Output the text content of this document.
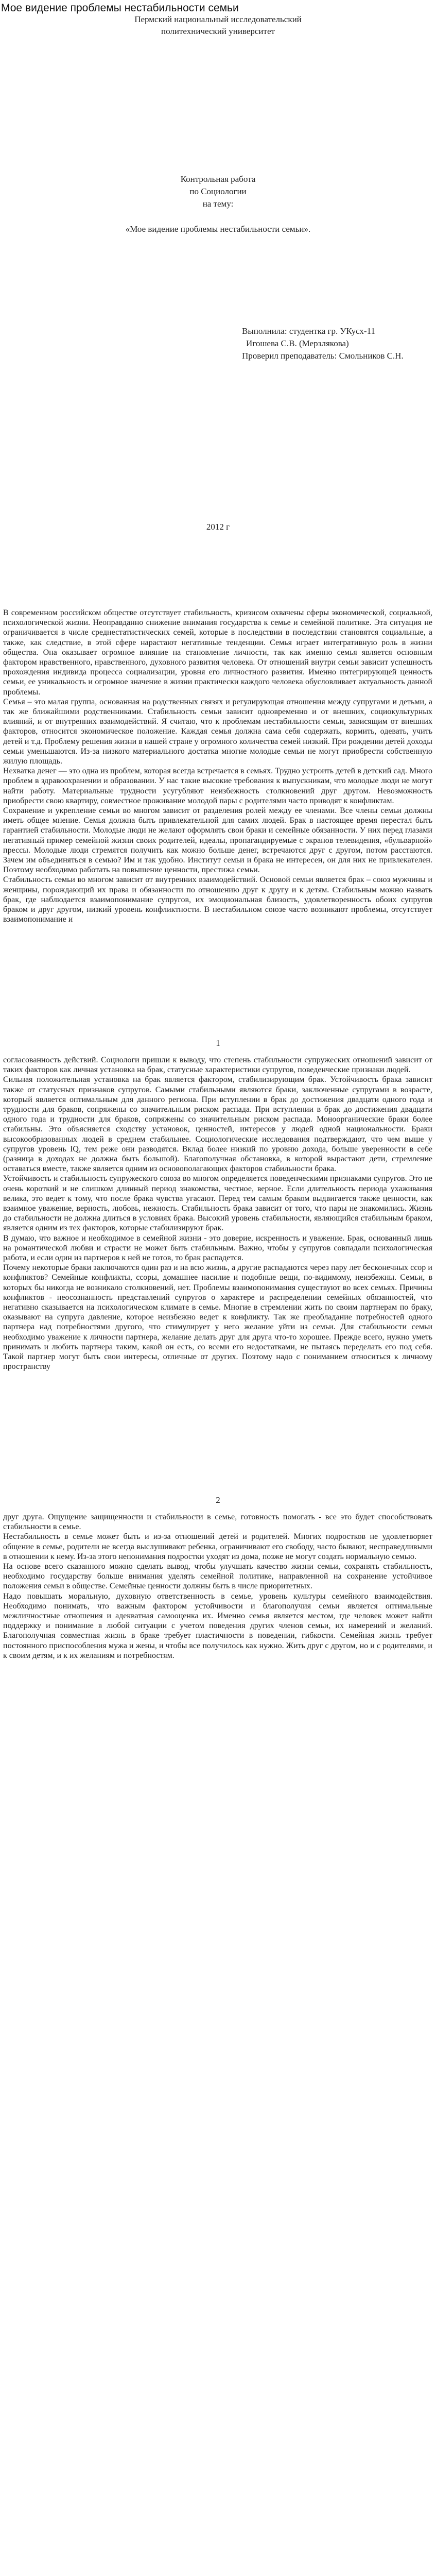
Мое видение проблемы нестабильности семьи
Пермский национальный исследовательский
политехнический университет
Контрольная работа
по Социологии
на тему:
«Мое видение проблемы нестабильности семьи».
Выполнила: студентка гр. УКусх-11
Игошева С.В. (Мерзлякова)
Проверил преподаватель: Смольников С.Н.
2012 г

В современном российском обществе отсутствует стабильность, кризисом охвачены сферы экономической, социальной, психологической жизни. Неоправданно снижение внимания государства к семье и семейной политике. Эта ситуация не ограничивается в числе среднестатистических семей, которые в последствии в последствии становятся социальные, а также, как следствие, в этой сфере нарастают негативные тенденции. Семья играет интегративную роль в жизни общества. Она оказывает огромное влияние на становление личности, так как именно семья является основным фактором нравственного, нравственного, духовного развития человека. От отношений внутри семьи зависит успешность прохождения индивида процесса социализации, уровня его личностного развития. Именно интегрирующей ценность семьи, ее уникальность и огромное значение в жизни практически каждого человека обусловливает актуальность данной проблемы.

Семья – это малая группа, основанная на родственных связях и регулирующая отношения между супругами и детьми, а так же ближайшими родственниками. Стабильность семьи зависит одновременно и от внешних, социокультурных влияний, и от внутренних взаимодействий. Я считаю, что к проблемам нестабильности семьи, зависящим от внешних факторов, относится экономическое положение. Каждая семья должна сама себя содержать, кормить, одевать, учить детей и т.д. Проблему решения жизни в нашей стране у огромного количества семей низкий. При рождении детей доходы семьи уменьшаются. Из-за низкого материального достатка многие молодые семьи не могут приобрести собственную жилую площадь.

Нехватка денег — это одна из проблем, которая всегда встречается в семьях. Трудно устроить детей в детский сад. Много проблем в здравоохранении и образовании. У нас такие высокие требования к выпускникам, что молодые люди не могут найти работу. Материальные трудности усугубляют неизбежность столкновений друг другом. Невозможность приобрести свою квартиру, совместное проживание молодой пары с родителями часто приводят к конфликтам.

Сохранение и укрепление семьи во многом зависит от разделения ролей между ее членами. Все члены семьи должны иметь общее мнение. Семья должна быть привлекательной для самих людей. Брак в настоящее время перестал быть гарантией стабильности. Молодые люди не желают оформлять свои браки и семейные обязанности. У них перед глазами негативный пример семейной жизни своих родителей, идеалы, пропагандируемые с экранов телевидения, «бульварной» прессы. Молодые люди стремятся получить как можно больше денег, встречаются друг с другом, потом расстаются. Зачем им объединяться в семью? Им и так удобно. Институт семьи и брака не интересен, он для них не привлекателен. Поэтому необходимо работать на повышение ценности, престижа семьи.

Стабильность семьи во многом зависит от внутренних взаимодействий. Основой семьи является брак – союз мужчины и женщины, порождающий их права и обязанности по отношению друг к другу и к детям. Стабильным можно назвать брак, где наблюдается взаимопонимание супругов, их эмоциональная близость, удовлетворенность обоих супругов браком и друг другом, низкий уровень конфликтности. В нестабильном союзе часто возникают проблемы, отсутствует взаимопонимание и

1

согласованность действий. Социологи пришли к выводу, что степень стабильности супружеских отношений зависит от таких факторов как личная установка на брак, статусные характеристики супругов, поведенческие признаки людей.

Сильная положительная установка на брак является фактором, стабилизирующим брак. Устойчивость брака зависит также от статусных признаков супругов. Самыми стабильными являются браки, заключенные супругами в возрасте, который является оптимальным для данного региона. При вступлении в брак до достижения двадцати одного года и трудности для браков, сопряжены со значительным риском распада. При вступлении в брак до достижения двадцати одного года и трудности для браков, сопряжены со значительным риском распада. Моноорганические браки более стабильны. Это объясняется сходству установок, ценностей, интересов у людей одной национальности. Браки высокообразованных людей в среднем стабильнее. Социологические исследования подтверждают, что чем выше у супругов уровень IQ, тем реже они разводятся. Вклад более низкий по уровню дохода, больше уверенности в себе (разница в доходах не должна быть большой). Благополучная обстановка, в которой вырастают дети, стремление оставаться вместе, также является одним из основополагающих факторов стабильности брака.

Устойчивость и стабильность супружеского союза во многом определяется поведенческими признаками супругов. Это не очень короткий и не слишком длинный период знакомства, честное, верное. Если длительность периода ухаживания велика, это ведет к тому, что после брака чувства угасают. Перед тем самым браком выдвигается также ценности, как взаимное уважение, верность, любовь, нежность. Стабильность брака зависит от того, что пары не знакомились. Жизнь до стабильности не должна длиться в условиях брака. Высокий уровень стабильности, являющийся стабильным браком, является одним из тех факторов, которые стабилизируют брак.

В думаю, что важное и необходимое в семейной жизни - это доверие, искренность и уважение. Брак, основанный лишь на романтической любви и страсти не может быть стабильным. Важно, чтобы у супругов совпадали психологическая работа, и если один из партнеров к ней не готов, то брак распадется.

Почему некоторые браки заключаются один раз и на всю жизнь, а другие распадаются через пару лет бесконечных ссор и конфликтов? Семейные конфликты, ссоры, домашнее насилие и подобные вещи, по-видимому, неизбежны. Семьи, в которых бы никогда не возникало столкновений, нет. Проблемы взаимопонимания существуют во всех семьях. Причины конфликтов - неосознанность представлений супругов о характере и распределении семейных обязанностей, что негативно сказывается на психологическом климате в семье. Многие в стремлении жить по своим партнерам по браку, оказывают на супруга давление, которое неизбежно ведет к конфликту. Так же преобладание потребностей одного партнера над потребностями другого, что стимулирует у него желание уйти из семьи. Для стабильности семьи необходимо уважение к личности партнера, желание делать друг для друга что-то хорошее. Прежде всего, нужно уметь принимать и любить партнера таким, какой он есть, со всеми его недостатками, не пытаясь переделать его под себя. Такой партнер могут быть свои интересы, отличные от других. Поэтому надо с пониманием относиться к личному пространству

2

друг друга. Ощущение защищенности и стабильности в семье, готовность помогать - все это будет способствовать стабильности в семье.

Нестабильность в семье может быть и из-за отношений детей и родителей. Многих подростков не удовлетворяет общение в семье, родители не всегда выслушивают ребенка, ограничивают его свободу, часто бывают, несправедливыми в отношении к нему. Из-за этого непонимания подростки уходят из дома, позже не могут создать нормальную семью.

На основе всего сказанного можно сделать вывод, чтобы улучшать качество жизни семьи, сохранять стабильность, необходимо государству больше внимания уделять семейной политике, направленной на сохранение устойчивое положения семьи в обществе. Семейные ценности должны быть в числе приоритетных.

Надо повышать моральную, духовную ответственность в семье, уровень культуры семейного взаимодействия. Необходимо понимать, что важным фактором устойчивости и благополучия семьи является оптимальные межличностные отношения и адекватная самооценка их. Именно семья является местом, где человек может найти поддержку и понимание в любой ситуации с учетом поведения других членов семьи, их намерений и желаний. Благополучная совместная жизнь в браке требует пластичности в поведении, гибкости. Семейная жизнь требует постоянного приспособления мужа и жены, и чтобы все получилось как нужно. Жить друг с другом, но и с родителями, и к своим детям, и к их желаниям и потребностям.
